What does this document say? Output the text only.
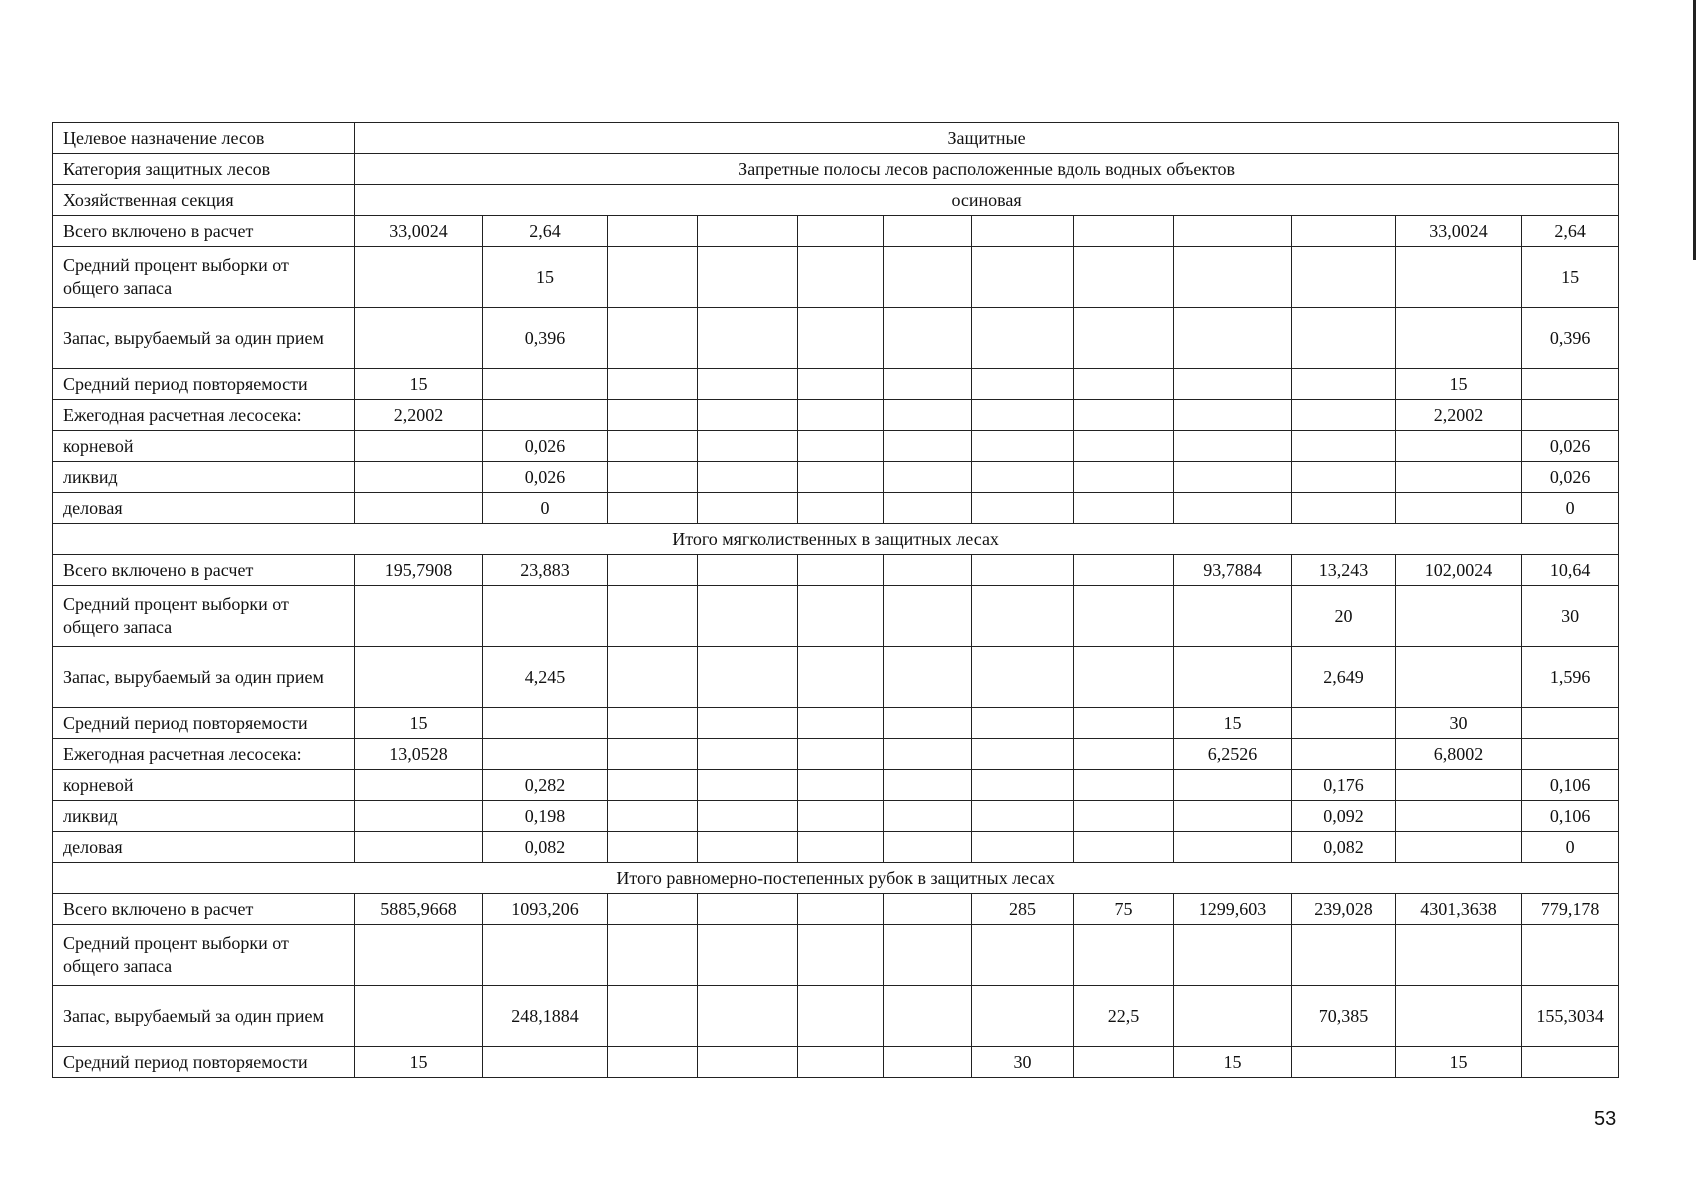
Целевое назначение лесов	Защитные											
Категория защитных лесов	Запретные полосы лесов расположенные вдоль водных объектов											
Хозяйственная секция	осиновая											
Всего включено в расчет	33,0024	2,64									33,0024	2,64
Средний процент выборки от общего запаса		15										15
Запас, вырубаемый за один прием		0,396										0,396
Средний период повторяемости	15										15	
Ежегодная расчетная лесосека:	2,2002										2,2002	
корневой		0,026										0,026
ликвид		0,026										0,026
деловая		0										0
Итого мягколиственных в защитных лесах												
Всего включено в расчет	195,7908	23,883							93,7884	13,243	102,0024	10,64
Средний процент выборки от общего запаса										20		30
Запас, вырубаемый за один прием		4,245								2,649		1,596
Средний период повторяемости	15								15		30	
Ежегодная расчетная лесосека:	13,0528								6,2526		6,8002	
корневой		0,282								0,176		0,106
ликвид		0,198								0,092		0,106
деловая		0,082								0,082		0
Итого равномерно-постепенных рубок в защитных лесах												
Всего включено в расчет	5885,9668	1093,206					285	75	1299,603	239,028	4301,3638	779,178
Средний процент выборки от общего запаса												
Запас, вырубаемый за один прием		248,1884						22,5		70,385		155,3034
Средний период повторяемости	15						30		15		15	
53
